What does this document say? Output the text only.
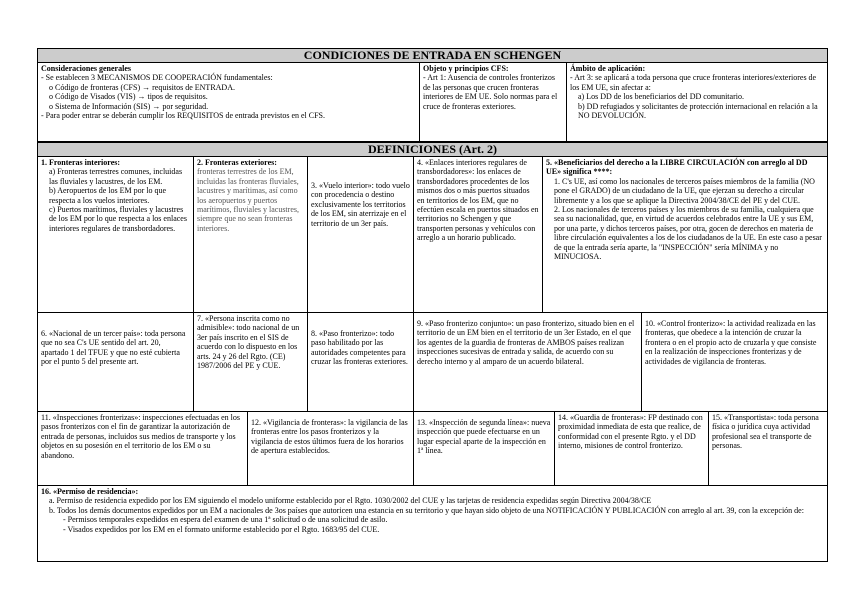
CONDICIONES DE ENTRADA EN SCHENGEN
Consideraciones generales
- Se establecen 3 MECANISMOS DE COOPERACIÓN fundamentales:
o Código de fronteras (CFS) → requisitos de ENTRADA.
o Código de Visados (VIS) → tipos de requisitos.
o Sistema de Información (SIS) → por seguridad.
- Para poder entrar se deberán cumplir los REQUISITOS de entrada previstos en el CFS.
Objeto y principios CFS:
- Art 1: Ausencia de controles fronterizos de las personas que crucen fronteras interiores de EM UE. Solo normas para el cruce de fronteras exteriores.
Ámbito de aplicación:
- Art 3: se aplicará a toda persona que cruce fronteras interiores/exteriores de los EM UE, sin afectar a:
a) Los DD de los beneficiarios del DD comunitario.
b) DD refugiados y solicitantes de protección internacional en relación a la NO DEVOLUCIÓN.
DEFINICIONES (Art. 2)
1. Fronteras interiores:
a) Fronteras terrestres comunes, incluidas las fluviales y lacustres, de los EM.
b) Aeropuertos de los EM por lo que respecta a los vuelos interiores.
c) Puertos marítimos, fluviales y lacustres de los EM por lo que respecta a los enlaces interiores regulares de transbordadores.
2. Fronteras exteriores:
fronteras terrestres de los EM, incluidas las fronteras fluviales, lacustres y marítimas, así como los aeropuertos y puertos marítimos, fluviales y lacustres, siempre que no sean fronteras interiores.
3. «Vuelo interior»: todo vuelo con procedencia o destino exclusivamente los territorios de los EM, sin aterrizaje en el territorio de un 3er país.
4. «Enlaces interiores regulares de transbordadores»: los enlaces de transbordadores procedentes de los mismos dos o más puertos situados en territorios de los EM, que no efectúen escala en puertos situados en territorios no Schengen y que transporten personas y vehículos con arreglo a un horario publicado.
5. «Beneficiarios del derecho a la LIBRE CIRCULACIÓN con arreglo al DD UE» significa ****:
1. C's UE, así como los nacionales de terceros países miembros de la familia (NO pone el GRADO) de un ciudadano de la UE, que ejerzan su derecho a circular libremente y a los que se aplique la Directiva 2004/38/CE del PE y del CUE.
2. Los nacionales de terceros países y los miembros de su familia, cualquiera que sea su nacionalidad, que, en virtud de acuerdos celebrados entre la UE y sus EM, por una parte, y dichos terceros países, por otra, gocen de derechos en materia de libre circulación equivalentes a los de los ciudadanos de la UE. En este caso a pesar de que la entrada sería aparte, la "INSPECCIÓN" sería MÍNIMA y no MINUCIOSA.
6. «Nacional de un tercer país»: toda persona que no sea C's UE sentido del art. 20, apartado 1 del TFUE y que no esté cubierta por el punto 5 del presente art.
7. «Persona inscrita como no admisible»: todo nacional de un 3er país inscrito en el SIS de acuerdo con lo dispuesto en los arts. 24 y 26 del Rgto. (CE) 1987/2006 del PE y CUE.
8. «Paso fronterizo»: todo paso habilitado por las autoridades competentes para cruzar las fronteras exteriores.
9. «Paso fronterizo conjunto»: un paso fronterizo, situado bien en el territorio de un EM bien en el territorio de un 3er Estado, en el que los agentes de la guardia de fronteras de AMBOS países realizan inspecciones sucesivas de entrada y salida, de acuerdo con su derecho interno y al amparo de un acuerdo bilateral.
10. «Control fronterizo»: la actividad realizada en las fronteras, que obedece a la intención de cruzar la frontera o en el propio acto de cruzarla y que consiste en la realización de inspecciones fronterizas y de actividades de vigilancia de fronteras.
11. «Inspecciones fronterizas»: inspecciones efectuadas en los pasos fronterizos con el fin de garantizar la autorización de entrada de personas, incluidos sus medios de transporte y los objetos en su posesión en el territorio de los EM o su abandono.
12. «Vigilancia de fronteras»: la vigilancia de las fronteras entre los pasos fronterizos y la vigilancia de estos últimos fuera de los horarios de apertura establecidos.
13. «Inspección de segunda línea»: nueva inspección que puede efectuarse en un lugar especial aparte de la inspección en 1ª línea.
14. «Guardia de fronteras»: FP destinado con proximidad inmediata de esta que realice, de conformidad con el presente Rgto. y el DD interno, misiones de control fronterizo.
15. «Transportista»: toda persona física o jurídica cuya actividad profesional sea el transporte de personas.
16. «Permiso de residencia»:
a. Permiso de residencia expedido por los EM siguiendo el modelo uniforme establecido por el Rgto. 1030/2002 del CUE y las tarjetas de residencia expedidas según Directiva 2004/38/CE
b. Todos los demás documentos expedidos por un EM a nacionales de 3os países que autoricen una estancia en su territorio y que hayan sido objeto de una NOTIFICACIÓN Y PUBLICACIÓN con arreglo al art. 39, con la excepción de:
- Permisos temporales expedidos en espera del examen de una 1ª solicitud o de una solicitud de asilo.
- Visados expedidos por los EM en el formato uniforme establecido por el Rgto. 1683/95 del CUE.
